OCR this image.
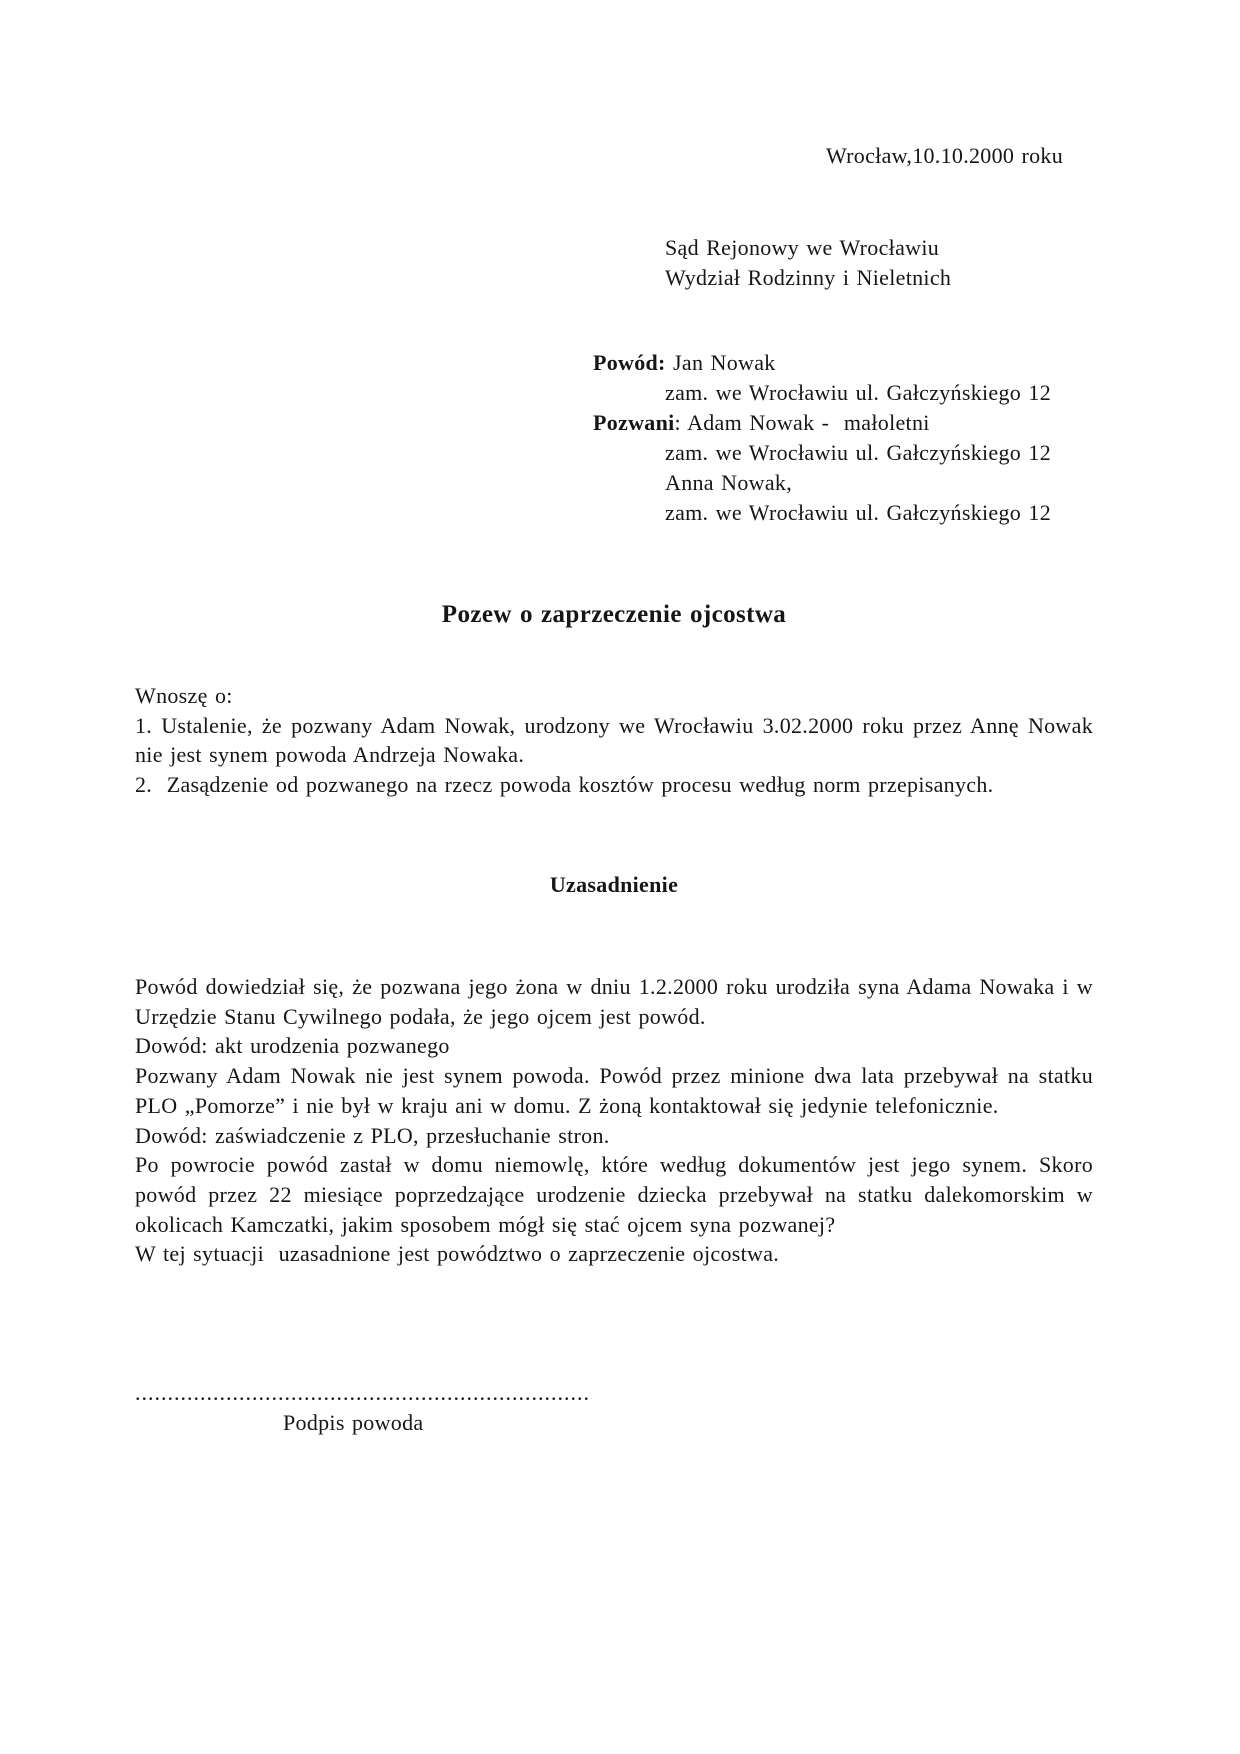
Wrocław,10.10.2000 roku
Sąd Rejonowy we Wrocławiu
Wydział Rodzinny i Nieletnich
Powód: Jan Nowak
zam. we Wrocławiu ul. Gałczyńskiego 12
Pozwani: Adam Nowak -  małoletni
zam. we Wrocławiu ul. Gałczyńskiego 12
Anna Nowak,
zam. we Wrocławiu ul. Gałczyńskiego 12
Pozew o zaprzeczenie ojcostwa

Wnoszę o:

1. Ustalenie, że pozwany Adam Nowak, urodzony we Wrocławiu 3.02.2000 roku przez Annę Nowak nie jest synem powoda Andrzeja Nowaka.

2.  Zasądzenie od pozwanego na rzecz powoda kosztów procesu według norm przepisanych.

Uzasadnienie

Powód dowiedział się, że pozwana jego żona w dniu 1.2.2000 roku urodziła syna Adama Nowaka i w Urzędzie Stanu Cywilnego podała, że jego ojcem jest powód.

Dowód: akt urodzenia pozwanego

Pozwany Adam Nowak nie jest synem powoda. Powód przez minione dwa lata przebywał na statku PLO „Pomorze” i nie był w kraju ani w domu. Z żoną kontaktował się jedynie telefonicznie.

Dowód: zaświadczenie z PLO, przesłuchanie stron.

Po powrocie powód zastał w domu niemowlę, które według dokumentów jest jego synem. Skoro powód przez 22 miesiące poprzedzające urodzenie dziecka przebywał na statku dalekomorskim w okolicach Kamczatki, jakim sposobem mógł się stać ojcem syna pozwanej?

W tej sytuacji  uzasadnione jest powództwo o zaprzeczenie ojcostwa.

......................................................................
Podpis powoda
